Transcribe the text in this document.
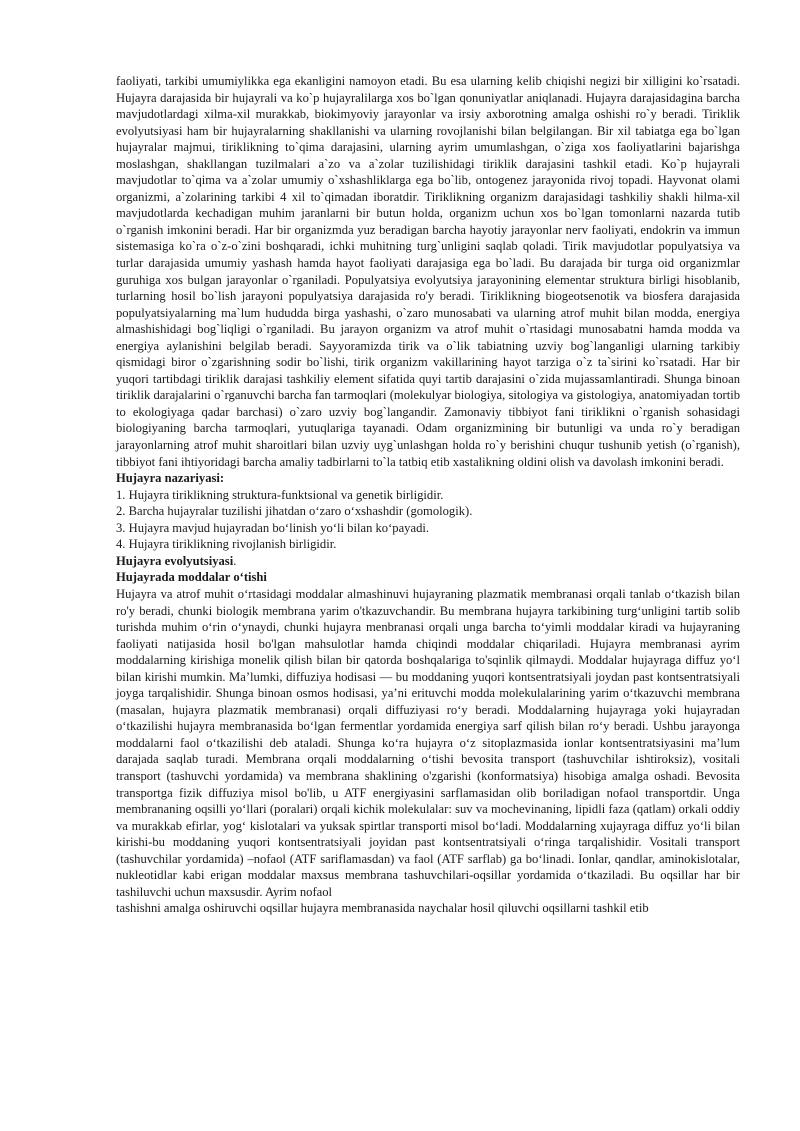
faoliyati, tarkibi umumiylikka ega ekanligini namoyon etadi. Bu esa ularning kelib chiqishi negizi bir xilligini ko`rsatadi. Hujayra darajasida bir hujayrali va ko`p hujayralilarga xos bo`lgan qonuniyatlar aniqlanadi. Hujayra darajasidagina barcha mavjudotlardagi xilma-xil murakkab, biokimyoviy jarayonlar va irsiy axborotning amalga oshishi ro`y beradi. Tiriklik evolyutsiyasi ham bir hujayralarning shakllanishi va ularning rovojlanishi bilan belgilangan. Bir xil tabiatga ega bo`lgan hujayralar majmui, tiriklikning to`qima darajasini, ularning ayrim umumlashgan, o`ziga xos faoliyatlarini bajarishga moslashgan, shakllangan tuzilmalari a`zo va a`zolar tuzilishidagi tiriklik darajasini tashkil etadi. Ko`p hujayrali mavjudotlar to`qima va a`zolar umumiy o`xshashliklarga ega bo`lib, ontogenez jarayonida rivoj topadi. Hayvonat olami organizmi, a`zolarining tarkibi 4 xil to`qimadan iboratdir. Tiriklikning organizm darajasidagi tashkiliy shakli hilma-xil mavjudotlarda kechadigan muhim jaranlarni bir butun holda, organizm uchun xos bo`lgan tomonlarni nazarda tutib o`rganish imkonini beradi. Har bir organizmda yuz beradigan barcha hayotiy jarayonlar nerv faoliyati, endokrin va immun sistemasiga ko`ra o`z-o`zini boshqaradi, ichki muhitning turg`unligini saqlab qoladi. Tirik mavjudotlar populyatsiya va turlar darajasida umumiy yashash hamda hayot faoliyati darajasiga ega bo`ladi. Bu darajada bir turga oid organizmlar guruhiga xos bulgan jarayonlar o`rganiladi. Populyatsiya evolyutsiya jarayonining elementar struktura birligi hisoblanib, turlarning hosil bo`lish jarayoni populyatsiya darajasida ro'y beradi. Tiriklikning biogeotsenotik va biosfera darajasida populyatsiyalarning ma`lum hududda birga yashashi, o`zaro munosabati va ularning atrof muhit bilan modda, energiya almashishidagi bog`liqligi o`rganiladi. Bu jarayon organizm va atrof muhit o`rtasidagi munosabatni hamda modda va energiya aylanishini belgilab beradi. Sayyoramizda tirik va o`lik tabiatning uzviy bog`langanligi ularning tarkibiy qismidagi biror o`zgarishning sodir bo`lishi, tirik organizm vakillarining hayot tarziga o`z ta`sirini ko`rsatadi. Har bir yuqori tartibdagi tiriklik darajasi tashkiliy element sifatida quyi tartib darajasini o`zida mujassamlantiradi. Shunga binoan tiriklik darajalarini o`rganuvchi barcha fan tarmoqlari (molekulyar biologiya, sitologiya va gistologiya, anatomiyadan tortib to ekologiyaga qadar barchasi) o`zaro uzviy bog`langandir. Zamonaviy tibbiyot fani tiriklikni o`rganish sohasidagi biologiyaning barcha tarmoqlari, yutuqlariga tayanadi. Odam organizmining bir butunligi va unda ro`y beradigan jarayonlarning atrof muhit sharoitlari bilan uzviy uyg`unlashgan holda ro`y berishini chuqur tushunib yetish (o`rganish), tibbiyot fani ihtiyoridagi barcha amaliy tadbirlarni to`la tatbiq etib xastalikning oldini olish va davolash imkonini beradi.

Hujayra nazariyasi:

1. Hujayra tiriklikning struktura-funktsional va genetik birligidir.

2. Barcha hujayralar tuzilishi jihatdan o‘zaro o‘xshashdir (gomologik).

3. Hujayra mavjud hujayradan bo‘linish yo‘li bilan ko‘payadi.

4. Hujayra tiriklikning rivojlanish birligidir.

Hujayra evolyutsiyasi.

Hujayrada moddalar o‘tishi

Hujayra va atrof muhit o‘rtasidagi moddalar almashinuvi hujayraning plazmatik membranasi orqali tanlab o‘tkazish bilan ro'y beradi, chunki biologik membrana yarim o'tkazuvchandir. Bu membrana hujayra tarkibining turg‘unligini tartib solib turishda muhim o‘rin o‘ynaydi, chunki hujayra menbranasi orqali unga barcha to‘yimli moddalar kiradi va hujayraning faoliyati natijasida hosil bo'lgan mahsulotlar hamda chiqindi moddalar chiqariladi. Hujayra membranasi ayrim moddalarning kirishiga monelik qilish bilan bir qatorda boshqalariga to'sqinlik qilmaydi. Moddalar hujayraga diffuz yo‘l bilan kirishi mumkin. Ma’lumki, diffuziya hodisasi — bu moddaning yuqori kontsentratsiyali joydan past kontsentratsiyali joyga tarqalishidir. Shunga binoan osmos hodisasi, ya’ni erituvchi modda molekulalarining yarim o‘tkazuvchi membrana (masalan, hujayra plazmatik membranasi) orqali diffuziyasi ro‘y beradi. Moddalarning hujayraga yoki hujayradan o‘tkazilishi hujayra membranasida bo‘lgan fermentlar yordamida energiya sarf qilish bilan ro‘y beradi. Ushbu jarayonga moddalarni faol o‘tkazilishi deb ataladi. Shunga ko‘ra hujayra o‘z sitoplazmasida ionlar kontsentratsiyasini ma’lum darajada saqlab turadi. Membrana orqali moddalarning o‘tishi bevosita transport (tashuvchilar ishtiroksiz), vositali transport (tashuvchi yordamida) va membrana shaklining o'zgarishi (konformatsiya) hisobiga amalga oshadi. Bevosita transportga fizik diffuziya misol bo'lib, u ATF energiyasini sarflamasidan olib boriladigan nofaol transportdir. Unga membrananing oqsilli yo‘llari (poralari) orqali kichik molekulalar: suv va mochevinaning, lipidli faza (qatlam) orkali oddiy va murakkab efirlar, yog‘ kislotalari va yuksak spirtlar transporti misol bo‘ladi. Moddalarning xujayraga diffuz yo‘li bilan kirishi-bu moddaning yuqori kontsentratsiyali joyidan past kontsentratsiyali o‘ringa tarqalishidir. Vositali transport (tashuvchilar yordamida) –nofaol (ATF sariflamasdan) va faol (ATF sarflab) ga bo‘linadi. Ionlar, qandlar, aminokislotalar, nukleotidlar kabi erigan moddalar maxsus membrana tashuvchilari-oqsillar yordamida o‘tkaziladi. Bu oqsillar har bir tashiluvchi uchun maxsusdir. Ayrim nofaol

tashishni amalga oshiruvchi oqsillar hujayra membranasida naychalar hosil qiluvchi oqsillarni tashkil etib
